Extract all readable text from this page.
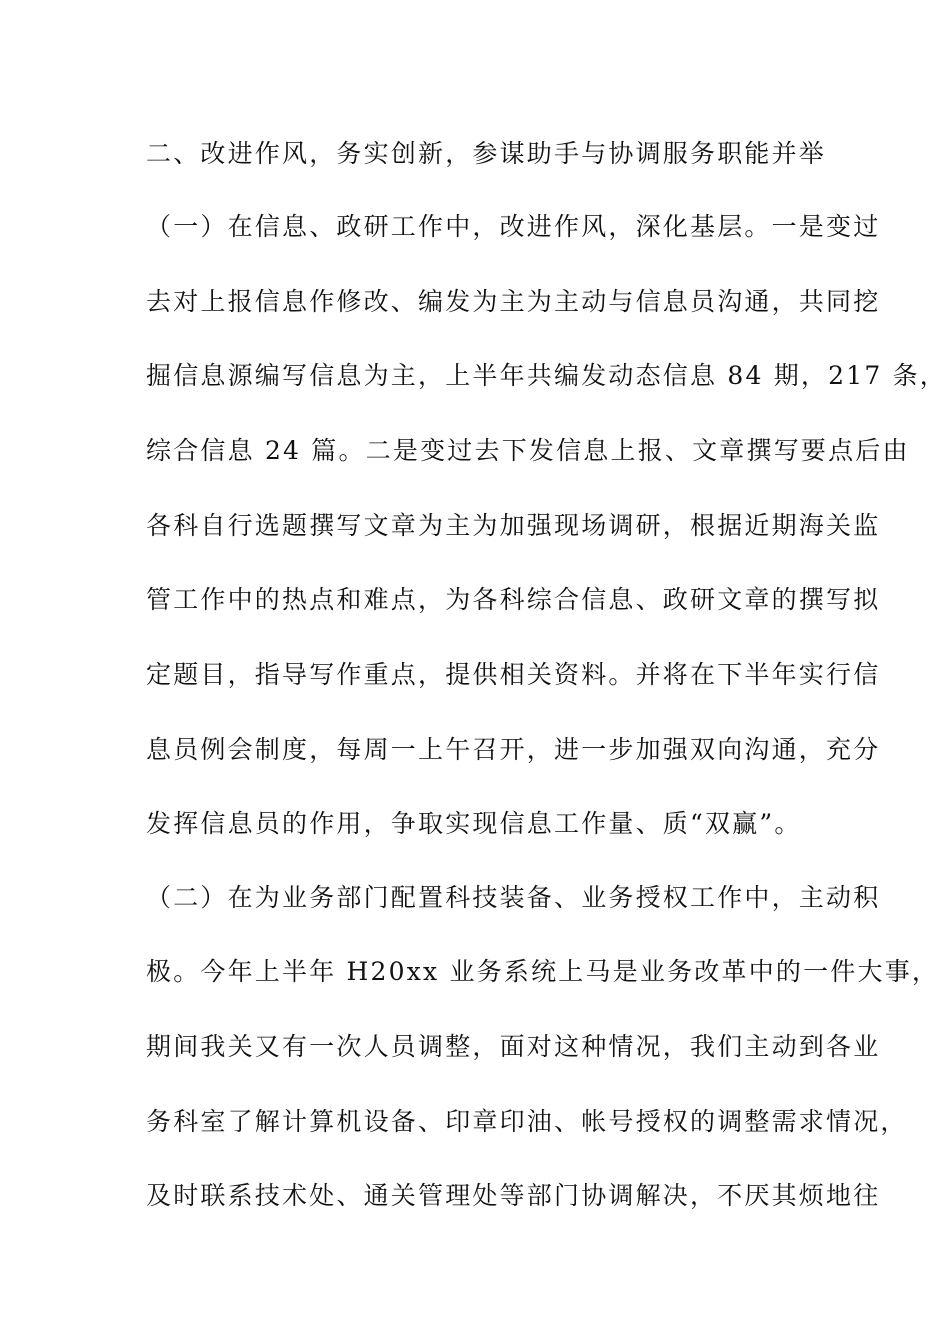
二、改进作风，务实创新，参谋助手与协调服务职能并举
（一）在信息、政研工作中，改进作风，深化基层。一是变过
去对上报信息作修改、编发为主为主动与信息员沟通，共同挖
掘信息源编写信息为主，上半年共编发动态信息 84 期，217 条，
综合信息 24 篇。二是变过去下发信息上报、文章撰写要点后由
各科自行选题撰写文章为主为加强现场调研，根据近期海关监
管工作中的热点和难点，为各科综合信息、政研文章的撰写拟
定题目，指导写作重点，提供相关资料。并将在下半年实行信
息员例会制度，每周一上午召开，进一步加强双向沟通，充分
发挥信息员的作用，争取实现信息工作量、质“双赢”。
（二）在为业务部门配置科技装备、业务授权工作中，主动积
极。今年上半年 H20xx 业务系统上马是业务改革中的一件大事，
期间我关又有一次人员调整，面对这种情况，我们主动到各业
务科室了解计算机设备、印章印油、帐号授权的调整需求情况，
及时联系技术处、通关管理处等部门协调解决，不厌其烦地往
